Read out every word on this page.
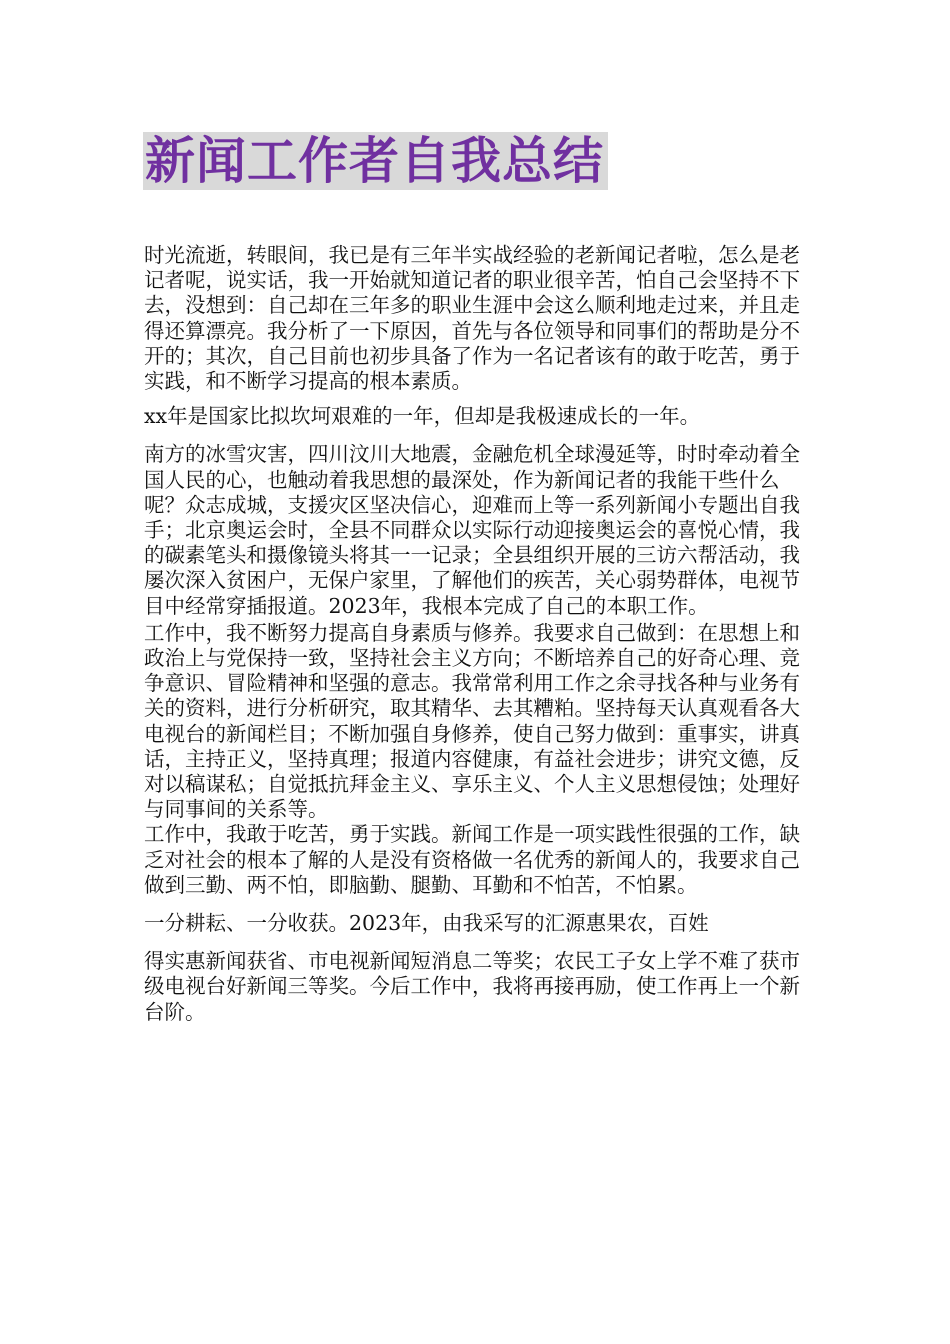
新闻工作者自我总结

时光流逝，转眼间，我已是有三年半实战经验的老新闻记者啦，怎么是老记者呢，说实话，我一开始就知道记者的职业很辛苦，怕自己会坚持不下去，没想到：自己却在三年多的职业生涯中会这么顺利地走过来，并且走得还算漂亮。我分析了一下原因，首先与各位领导和同事们的帮助是分不开的；其次，自己目前也初步具备了作为一名记者该有的敢于吃苦，勇于实践，和不断学习提高的根本素质。

xx年是国家比拟坎坷艰难的一年，但却是我极速成长的一年。

南方的冰雪灾害，四川汶川大地震，金融危机全球漫延等，时时牵动着全国人民的心，也触动着我思想的最深处，作为新闻记者的我能干些什么呢？众志成城，支援灾区坚决信心，迎难而上等一系列新闻小专题出自我手；北京奥运会时，全县不同群众以实际行动迎接奥运会的喜悦心情，我的碳素笔头和摄像镜头将其一一记录；全县组织开展的三访六帮活动，我屡次深入贫困户，无保户家里，了解他们的疾苦，关心弱势群体，电视节目中经常穿插报道。2023年，我根本完成了自己的本职工作。

工作中，我不断努力提高自身素质与修养。我要求自己做到：在思想上和政治上与党保持一致，坚持社会主义方向；不断培养自己的好奇心理、竞争意识、冒险精神和坚强的意志。我常常利用工作之余寻找各种与业务有关的资料，进行分析研究，取其精华、去其糟粕。坚持每天认真观看各大电视台的新闻栏目；不断加强自身修养，使自己努力做到：重事实，讲真话，主持正义，坚持真理；报道内容健康，有益社会进步；讲究文德，反对以稿谋私；自觉抵抗拜金主义、享乐主义、个人主义思想侵蚀；处理好与同事间的关系等。

工作中，我敢于吃苦，勇于实践。新闻工作是一项实践性很强的工作，缺乏对社会的根本了解的人是没有资格做一名优秀的新闻人的，我要求自己做到三勤、两不怕，即脑勤、腿勤、耳勤和不怕苦，不怕累。

一分耕耘、一分收获。2023年，由我采写的汇源惠果农，百姓

得实惠新闻获省、市电视新闻短消息二等奖；农民工子女上学不难了获市级电视台好新闻三等奖。今后工作中，我将再接再励，使工作再上一个新台阶。
